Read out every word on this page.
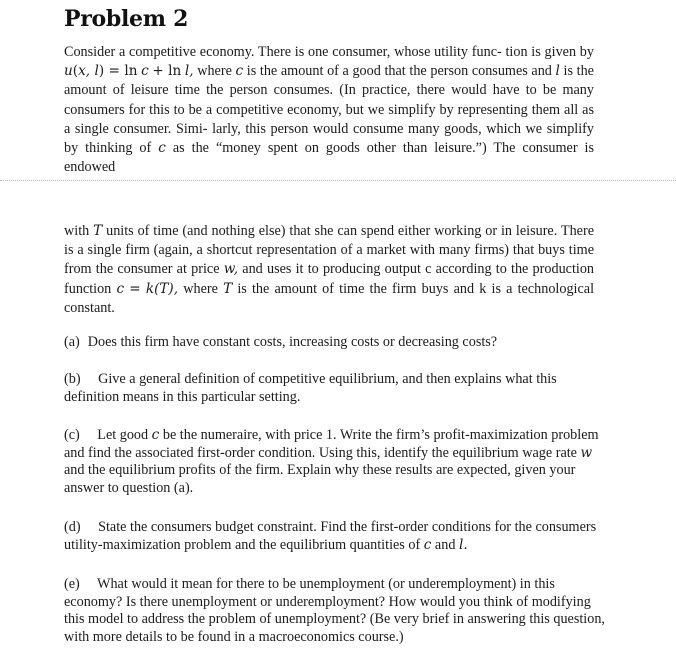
Problem 2

Consider a competitive economy. There is one consumer, whose utility func- tion is given by u(x, l) = ln c + ln l, where c is the amount of a good that the person consumes and l is the amount of leisure time the person consumes. (In practice, there would have to be many consumers for this to be a competitive economy, but we simplify by representing them all as a single consumer. Simi- larly, this person would consume many goods, which we simplify by thinking of c as the “money spent on goods other than leisure.”) The consumer is endowed

with T units of time (and nothing else) that she can spend either working or in leisure. There is a single firm (again, a shortcut representation of a market with many firms) that buys time from the consumer at price w, and uses it to producing output c according to the production function c = k(T), where T is the amount of time the firm buys and k is a technological constant.

(a) Does this firm have constant costs, increasing costs or decreasing costs?

(b) Give a general definition of competitive equilibrium, and then explains what this definition means in this particular setting.

(c) Let good c be the numeraire, with price 1. Write the firm’s profit-maximization problem and find the associated first-order condition. Using this, identify the equilibrium wage rate w and the equilibrium profits of the firm. Explain why these results are expected, given your answer to question (a).

(d) State the consumers budget constraint. Find the first-order conditions for the consumers utility-maximization problem and the equilibrium quantities of c and l.

(e) What would it mean for there to be unemployment (or underemployment) in this economy? Is there unemployment or underemployment? How would you think of modifying this model to address the problem of unemployment? (Be very brief in answering this question, with more details to be found in a macroeconomics course.)
